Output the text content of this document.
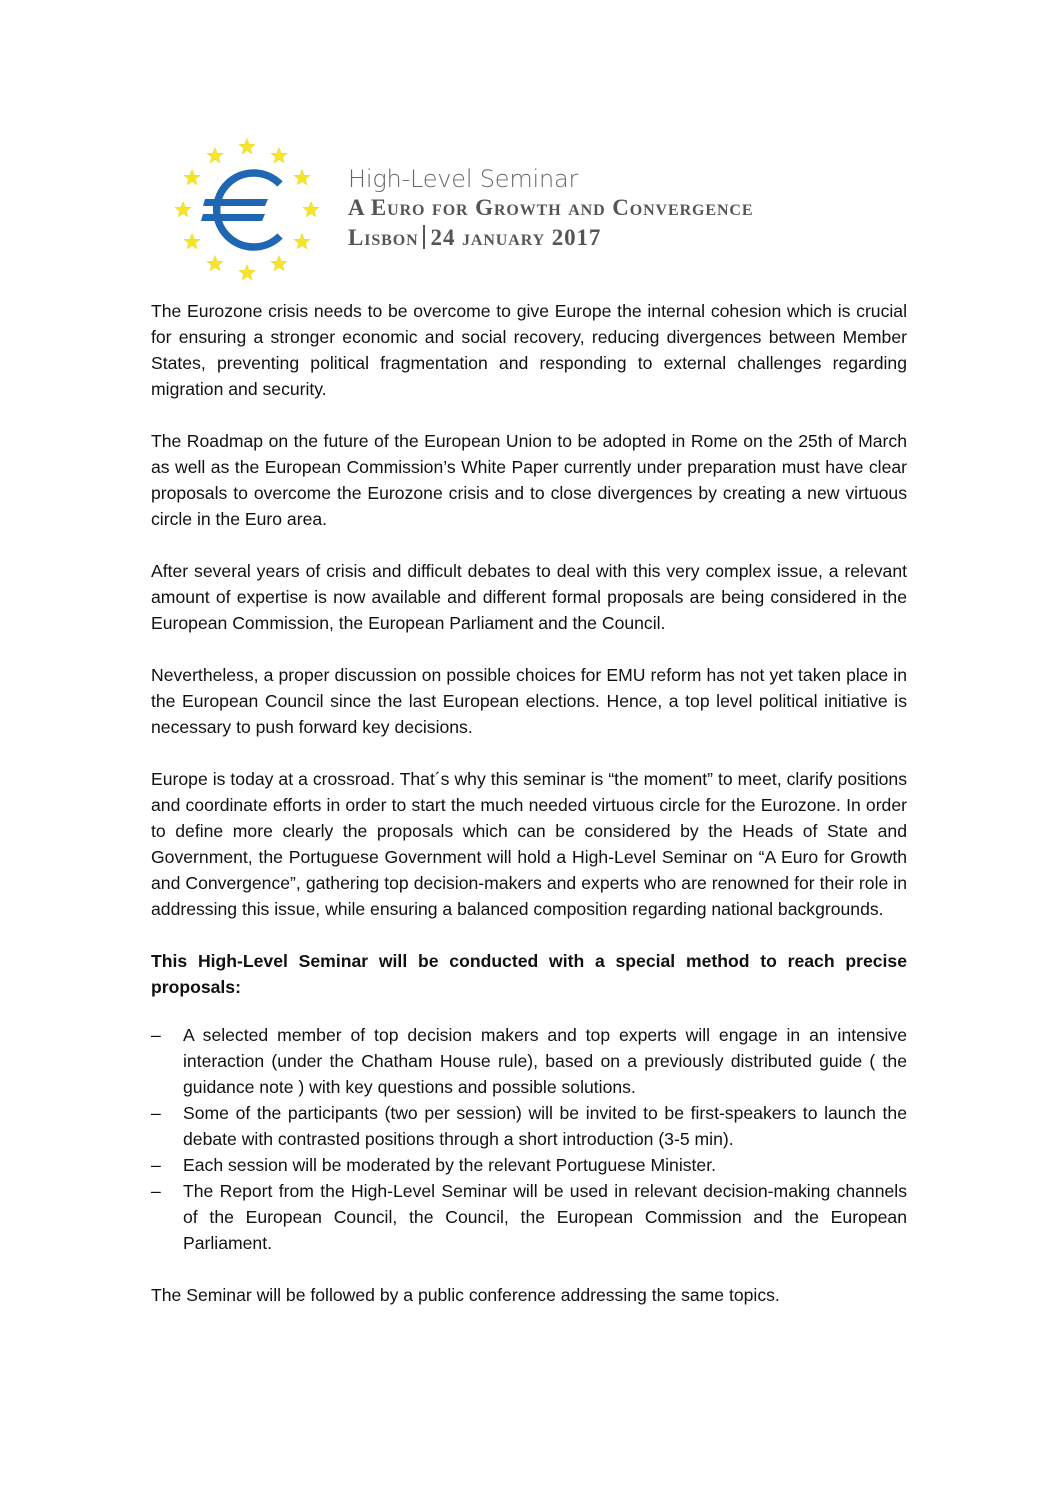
High-Level Seminar
A Euro for Growth and Convergence
Lisbon 24 january 2017

The Eurozone crisis needs to be overcome to give Europe the internal cohesion which is crucial for ensuring a stronger economic and social recovery, reducing divergences between Member States, preventing political fragmentation and responding to external challenges regarding migration and security.

The Roadmap on the future of the European Union to be adopted in Rome on the 25th of March as well as the European Commission’s White Paper currently under preparation must have clear proposals to overcome the Eurozone crisis and to close divergences by creating a new virtuous circle in the Euro area.

After several years of crisis and difficult debates to deal with this very complex issue, a relevant amount of expertise is now available and different formal proposals are being considered in the European Commission, the European Parliament and the Council.

Nevertheless, a proper discussion on possible choices for EMU reform has not yet taken place in the European Council since the last European elections. Hence, a top level political initiative is necessary to push forward key decisions.

Europe is today at a crossroad. That´s why this seminar is “the moment” to meet, clarify positions and coordinate efforts in order to start the much needed virtuous circle for the Eurozone. In order to define more clearly the proposals which can be considered by the Heads of State and Government, the Portuguese Government will hold a High-Level Seminar on “A Euro for Growth and Convergence”, gathering top decision-makers and experts who are renowned for their role in addressing this issue, while ensuring a balanced composition regarding national backgrounds.

This High-Level Seminar will be conducted with a special method to reach precise proposals:

–	A selected member of top decision makers and top experts will engage in an intensive interaction (under the Chatham House rule), based on a previously distributed guide ( the guidance note ) with key questions and possible solutions.
–	Some of the participants (two per session) will be invited to be first-speakers to launch the debate with contrasted positions through a short introduction (3-5 min).
–	Each session will be moderated by the relevant Portuguese Minister.
–	The Report from the High-Level Seminar will be used in relevant decision-making channels of the European Council, the Council, the European Commission and the European Parliament.

The Seminar will be followed by a public conference addressing the same topics.
